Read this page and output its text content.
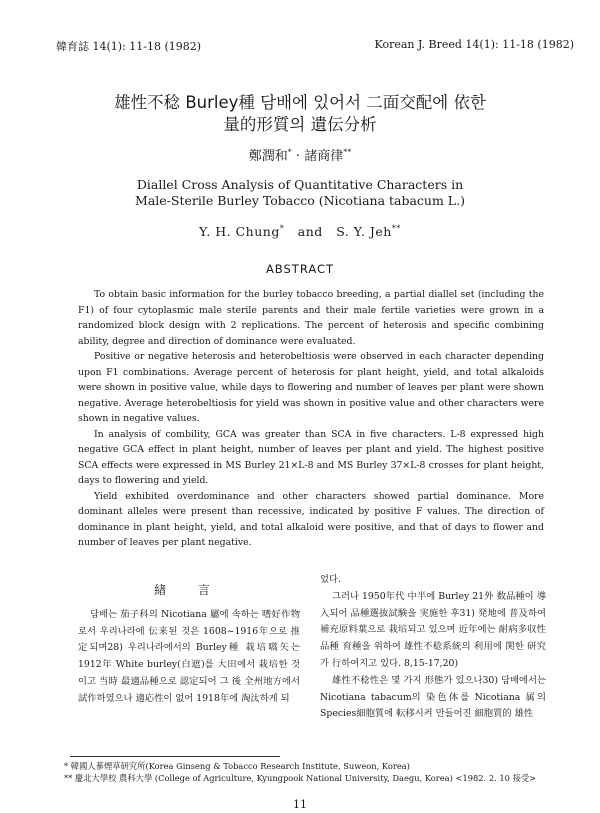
韓育誌 14(1): 11-18 (1982)	Korean J. Breed 14(1): 11-18 (1982)
雄性不稔 Burley種 담배에 있어서 二面交配에 依한
量的形質의 遺伝分析
鄭潤和* · 諸商律**
Diallel Cross Analysis of Quantitative Characters in
Male-Sterile Burley Tobacco (Nicotiana tabacum L.)
Y. H. Chung* and S. Y. Jeh**
ABSTRACT

To obtain basic information for the burley tobacco breeding, a partial diallel set (including the F1) of four cytoplasmic male sterile parents and their male fertile varieties were grown in a randomized block design with 2 replications. The percent of heterosis and specific combining ability, degree and direction of dominance were evaluated.

Positive or negative heterosis and heterobeltiosis were observed in each character depending upon F1 combinations. Average percent of heterosis for plant height, yield, and total alkaloids were shown in positive value, while days to flowering and number of leaves per plant were shown negative. Average heterobeltiosis for yield was shown in positive value and other characters were shown in negative values.

In analysis of combility, GCA was greater than SCA in five characters. L-8 expressed high negative GCA effect in plant height, number of leaves per plant and yield. The highest positive SCA effects were expressed in MS Burley 21×L-8 and MS Burley 37×L-8 crosses for plant height, days to flowering and yield.

Yield exhibited overdominance and other characters showed partial dominance. More dominant alleles were present than recessive, indicated by positive F values. The direction of dominance in plant height, yield, and total alkaloid were positive, and that of days to flower and number of leaves per plant negative.

緖 言

담배는 茄子科의 Nicotiana 屬에 속하는 嗜好作物로서 우리나라에 伝来된 것은 1608~1916年으로 推定되며28) 우리나라에서의 Burley種 栽培嚆矢는 1912年 White burley(白遮)를 大田에서 栽培한 것이고 当時 最適品種으로 認定되어 그 後 全州地方에서 試作하였으나 適応性이 없어 1918年에 淘汰하게 되

었다.

그러나 1950年代 中半에 Burley 21外 数品種이 導入되어 品種選抜試験을 実施한 후31) 発地에 普及하여 補充原料葉으로 栽培되고 있으며 近年에는 耐病多収性 品種 育種을 위하여 雄性不稔系統의 利用에 関한 研究가 行하여지고 있다. 8,15-17,20)

雄性不稔性은 몇 가지 形態가 있으나30) 담배에서는 Nicotiana tabacum의 染色体를 Nicotiana 属의 Species細胞質에 転移시켜 만들어진 細胞質的 雄性

* 韓國人蔘煙草研究所(Korea Ginseng & Tobacco Research Institute, Suweon, Korea)
** 慶北大學校 農科大學 (College of Agriculture, Kyungpook National University, Daegu, Korea) <1982. 2. 10 接受>
11
